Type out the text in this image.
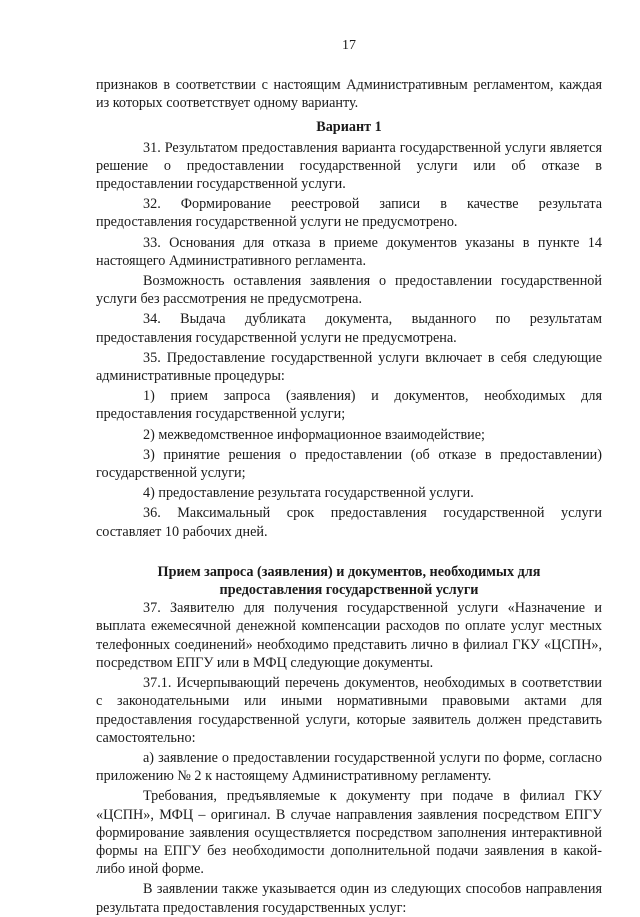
17

признаков в соответствии с настоящим Административным регламентом, каждая из которых соответствует одному варианту.

Вариант 1

31. Результатом предоставления варианта государственной услуги является решение о предоставлении государственной услуги или об отказе в предоставлении государственной услуги.

32. Формирование реестровой записи в качестве результата предоставления государственной услуги не предусмотрено.

33. Основания для отказа в приеме документов указаны в пункте 14 настоящего Административного регламента.

Возможность оставления заявления о предоставлении государственной услуги без рассмотрения не предусмотрена.

34. Выдача дубликата документа, выданного по результатам предоставления государственной услуги не предусмотрена.

35. Предоставление государственной услуги включает в себя следующие административные процедуры:

1) прием запроса (заявления) и документов, необходимых для предоставления государственной услуги;

2) межведомственное информационное взаимодействие;

3) принятие решения о предоставлении (об отказе в предоставлении) государственной услуги;

4) предоставление результата государственной услуги.

36. Максимальный срок предоставления государственной услуги составляет 10 рабочих дней.

Прием запроса (заявления) и документов, необходимых для
предоставления государственной услуги

37. Заявителю для получения государственной услуги «Назначение и выплата ежемесячной денежной компенсации расходов по оплате услуг местных телефонных соединений» необходимо представить лично в филиал ГКУ «ЦСПН», посредством ЕПГУ или в МФЦ следующие документы.

37.1. Исчерпывающий перечень документов, необходимых в соответствии с законодательными или иными нормативными правовыми актами для предоставления государственной услуги, которые заявитель должен представить самостоятельно:

а) заявление о предоставлении государственной услуги по форме, согласно приложению № 2 к настоящему Административному регламенту.

Требования, предъявляемые к документу при подаче в филиал ГКУ «ЦСПН», МФЦ – оригинал. В случае направления заявления посредством ЕПГУ формирование заявления осуществляется посредством заполнения интерактивной формы на ЕПГУ без необходимости дополнительной подачи заявления в какой-либо иной форме.

В заявлении также указывается один из следующих способов направления результата предоставления государственных услуг:
